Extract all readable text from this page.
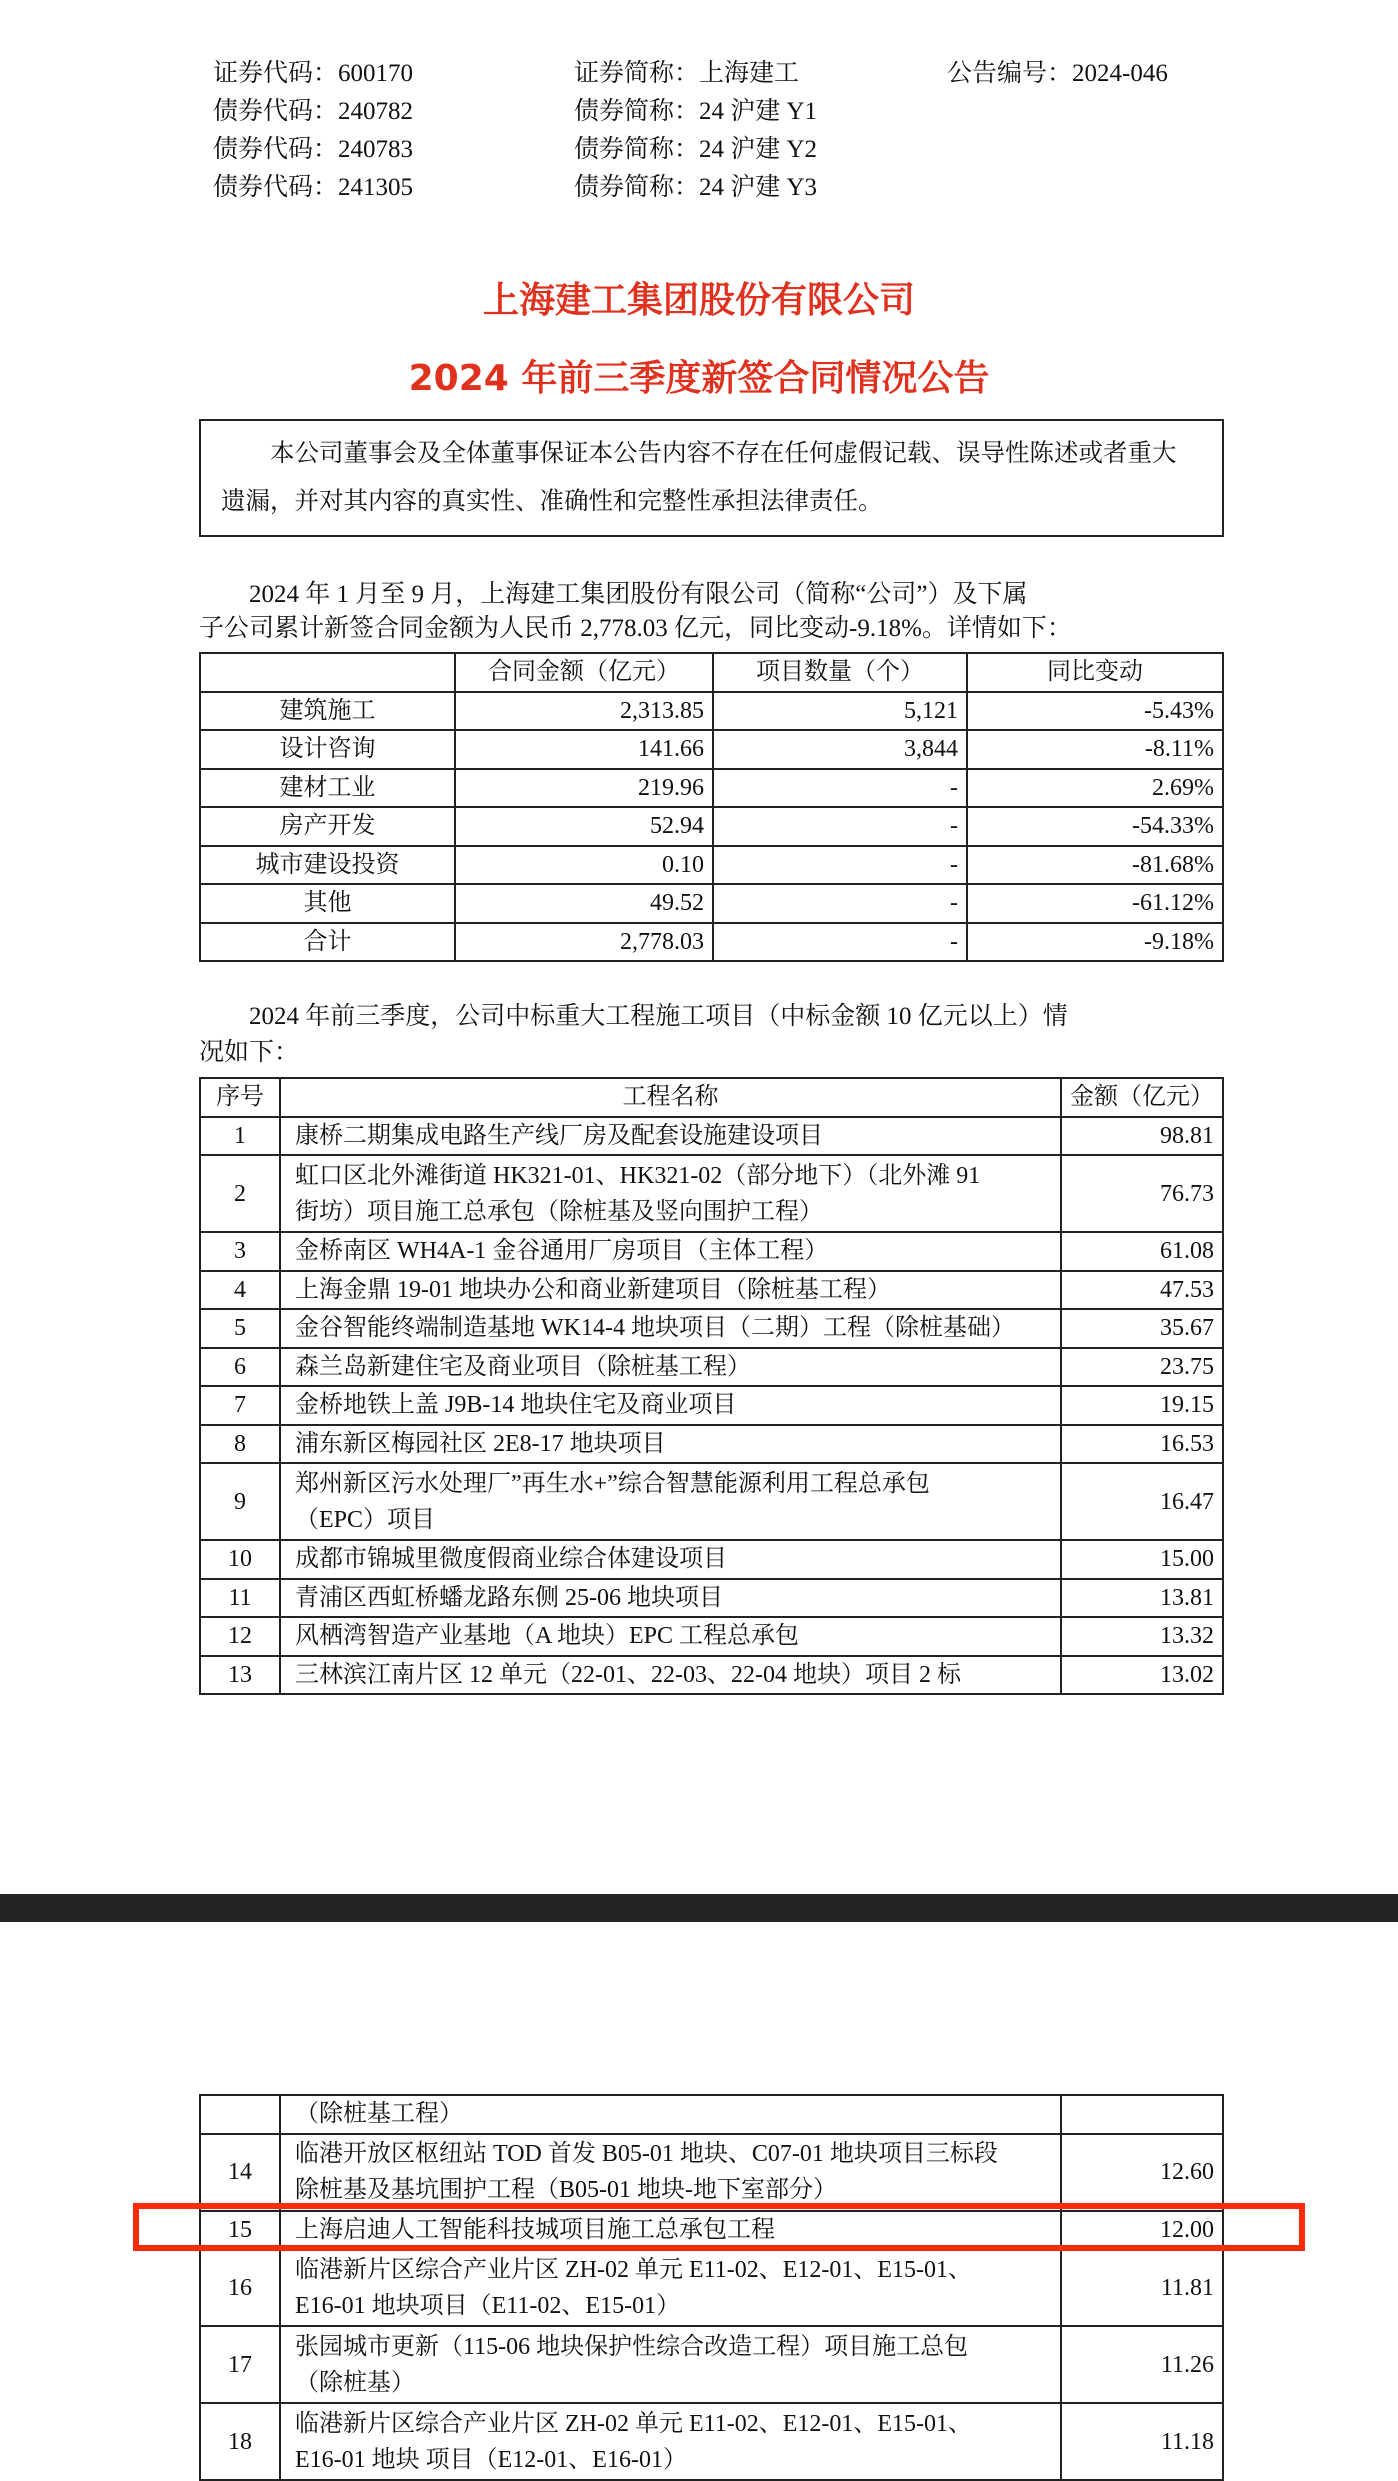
证券代码：600170	证券简称：上海建工	公告编号：2024-046
债券代码：240782	债券简称：24 沪建 Y1
债券代码：240783	债券简称：24 沪建 Y2
债券代码：241305	债券简称：24 沪建 Y3
上海建工集团股份有限公司
2024 年前三季度新签合同情况公告
　　本公司董事会及全体董事保证本公告内容不存在任何虚假记载、误导性陈述或者重大
遗漏，并对其内容的真实性、准确性和完整性承担法律责任。
　　2024 年 1 月至 9 月，上海建工集团股份有限公司（简称“公司”）及下属
子公司累计新签合同金额为人民币 2,778.03 亿元，同比变动-9.18%。详情如下：
	合同金额（亿元）	项目数量（个）	同比变动
建筑施工	2,313.85	5,121	-5.43%
设计咨询	141.66	3,844	-8.11%
建材工业	219.96	-	2.69%
房产开发	52.94	-	-54.33%
城市建设投资	0.10	-	-81.68%
其他	49.52	-	-61.12%
合计	2,778.03	-	-9.18%
　　2024 年前三季度，公司中标重大工程施工项目（中标金额 10 亿元以上）情
况如下：
序号	工程名称	金额（亿元）
1	康桥二期集成电路生产线厂房及配套设施建设项目	98.81
2	虹口区北外滩街道 HK321-01、HK321-02（部分地下）（北外滩 91
街坊）项目施工总承包（除桩基及竖向围护工程）	76.73
3	金桥南区 WH4A-1 金谷通用厂房项目（主体工程）	61.08
4	上海金鼎 19-01 地块办公和商业新建项目（除桩基工程）	47.53
5	金谷智能终端制造基地 WK14-4 地块项目（二期）工程（除桩基础）	35.67
6	森兰岛新建住宅及商业项目（除桩基工程）	23.75
7	金桥地铁上盖 J9B-14 地块住宅及商业项目	19.15
8	浦东新区梅园社区 2E8-17 地块项目	16.53
9	郑州新区污水处理厂”再生水+”综合智慧能源利用工程总承包
（EPC）项目	16.47
10	成都市锦城里微度假商业综合体建设项目	15.00
11	青浦区西虹桥蟠龙路东侧 25-06 地块项目	13.81
12	风栖湾智造产业基地（A 地块）EPC 工程总承包	13.32
13	三林滨江南片区 12 单元（22-01、22-03、22-04 地块）项目 2 标	13.02

	（除桩基工程）	

14	临港开放区枢纽站 TOD 首发 B05-01 地块、C07-01 地块项目三标段
除桩基及基坑围护工程（B05-01 地块-地下室部分）	12.60
15	上海启迪人工智能科技城项目施工总承包工程	12.00
16	临港新片区综合产业片区 ZH-02 单元 E11-02、E12-01、E15-01、
E16-01 地块项目（E11-02、E15-01）	11.81
17	张园城市更新（115-06 地块保护性综合改造工程）项目施工总包
（除桩基）	11.26
18	临港新片区综合产业片区 ZH-02 单元 E11-02、E12-01、E15-01、
E16-01 地块 项目（E12-01、E16-01）	11.18
